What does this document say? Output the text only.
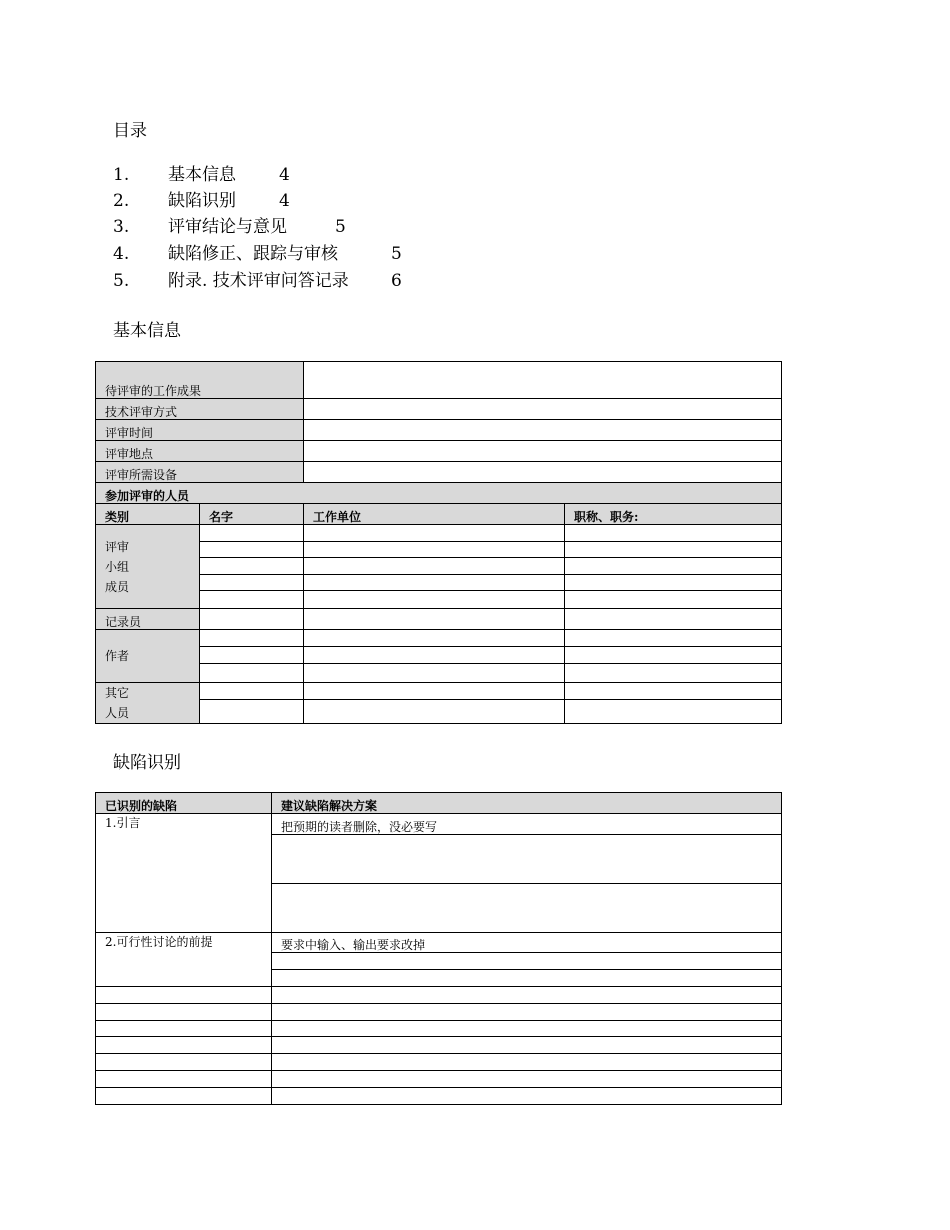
目录
1. 基本信息	4
2. 缺陷识别	4
3. 评审结论与意见	5
4. 缺陷修正、跟踪与审核	5
5. 附录. 技术评审问答记录 6
基本信息
待评审的工作成果			
技术评审方式			
评审时间			
评审地点			
评审所需设备			
参加评审的人员			
类别	名字	工作单位	职称、职务:

评审
小组
成员			

记录员			
作者			

其它
人员			

缺陷识别
已识别的缺陷	建议缺陷解决方案
1.引言	把预期的读者删除，没必要写

2.可行性讨论的前提	要求中输入、输出要求改掉
